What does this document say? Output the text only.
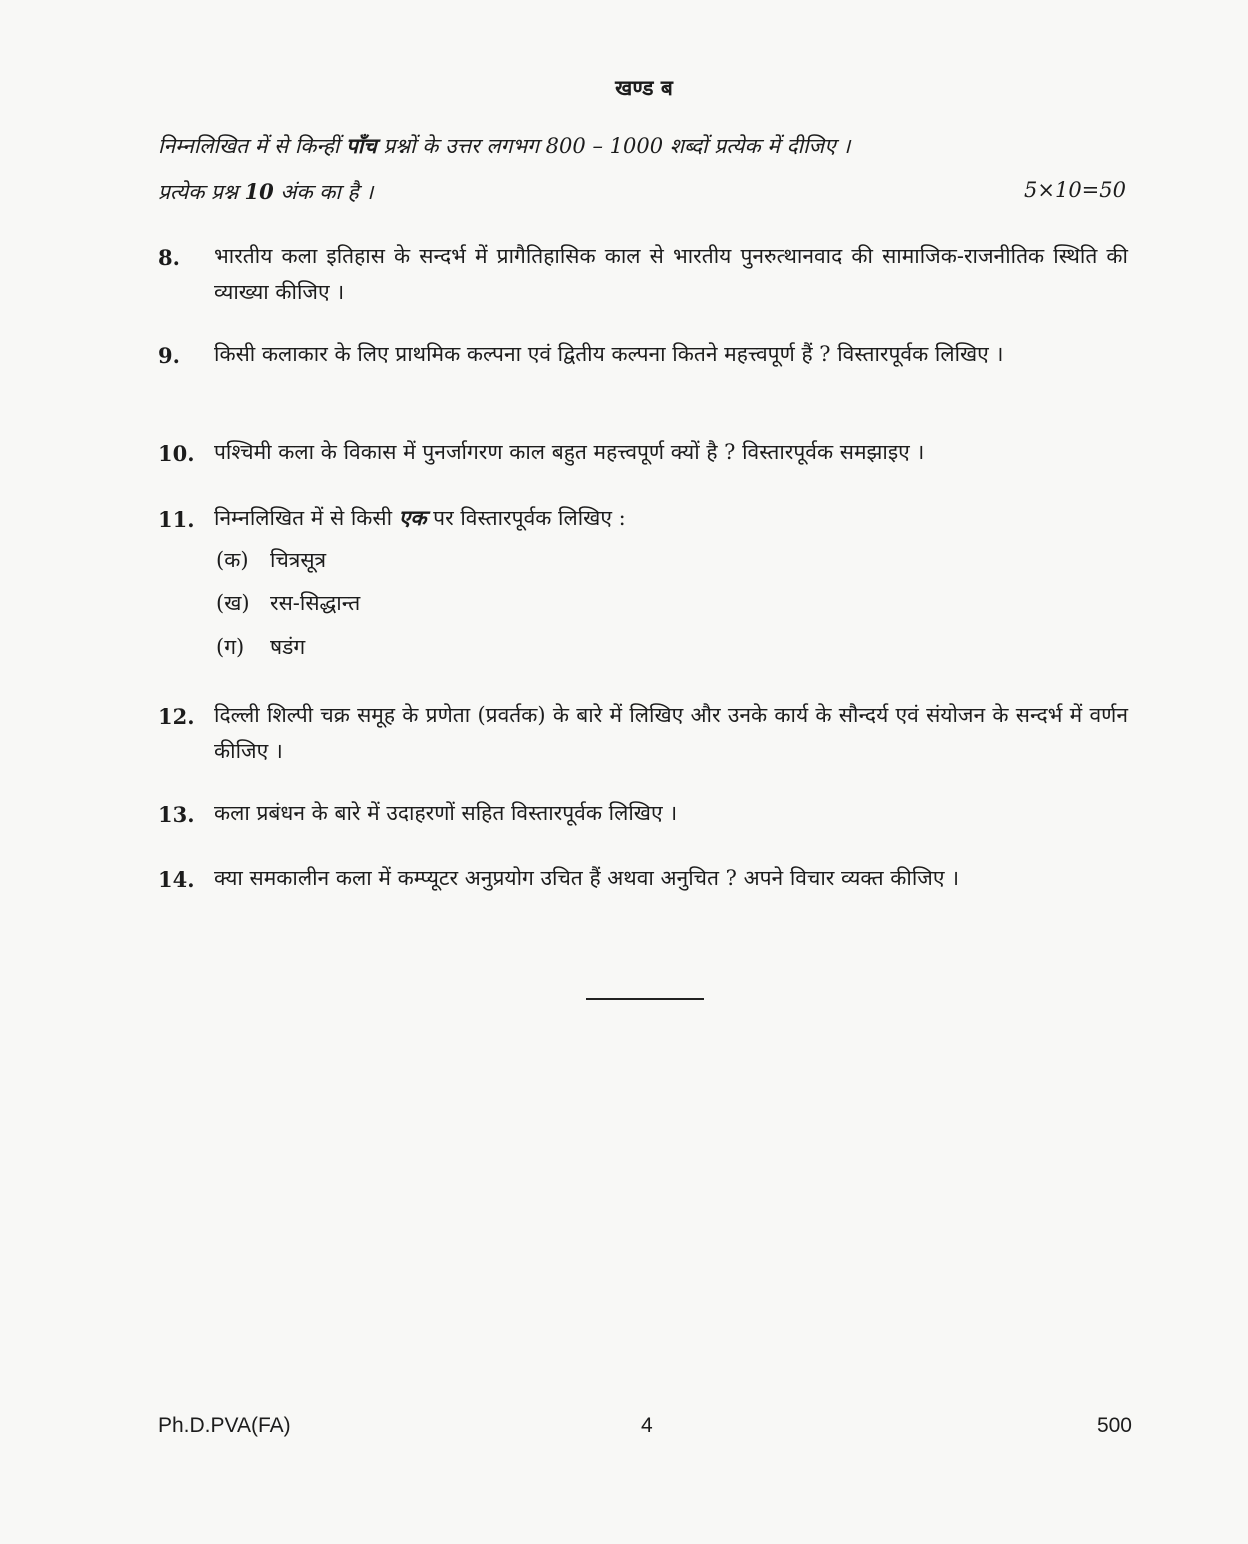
खण्ड ब
निम्नलिखित में से किन्हीं पाँच प्रश्नों के उत्तर लगभग 800 – 1000 शब्दों प्रत्येक में दीजिए ।
प्रत्येक प्रश्न 10 अंक का है ।	5×10=50
8. भारतीय कला इतिहास के सन्दर्भ में प्रागैतिहासिक काल से भारतीय पुनरुत्थानवाद की सामाजिक-राजनीतिक स्थिति की व्याख्या कीजिए ।
9. किसी कलाकार के लिए प्राथमिक कल्पना एवं द्वितीय कल्पना कितने महत्त्वपूर्ण हैं ? विस्तारपूर्वक लिखिए ।
10. पश्चिमी कला के विकास में पुनर्जागरण काल बहुत महत्त्वपूर्ण क्यों है ? विस्तारपूर्वक समझाइए ।
11. निम्नलिखित में से किसी एक पर विस्तारपूर्वक लिखिए :
(क) चित्रसूत्र
(ख) रस-सिद्धान्त
(ग) षडंग
12. दिल्ली शिल्पी चक्र समूह के प्रणेता (प्रवर्तक) के बारे में लिखिए और उनके कार्य के सौन्दर्य एवं संयोजन के सन्दर्भ में वर्णन कीजिए ।
13. कला प्रबंधन के बारे में उदाहरणों सहित विस्तारपूर्वक लिखिए ।
14. क्या समकालीन कला में कम्प्यूटर अनुप्रयोग उचित हैं अथवा अनुचित ? अपने विचार व्यक्त कीजिए ।
Ph.D.PVA(FA)	4	500
